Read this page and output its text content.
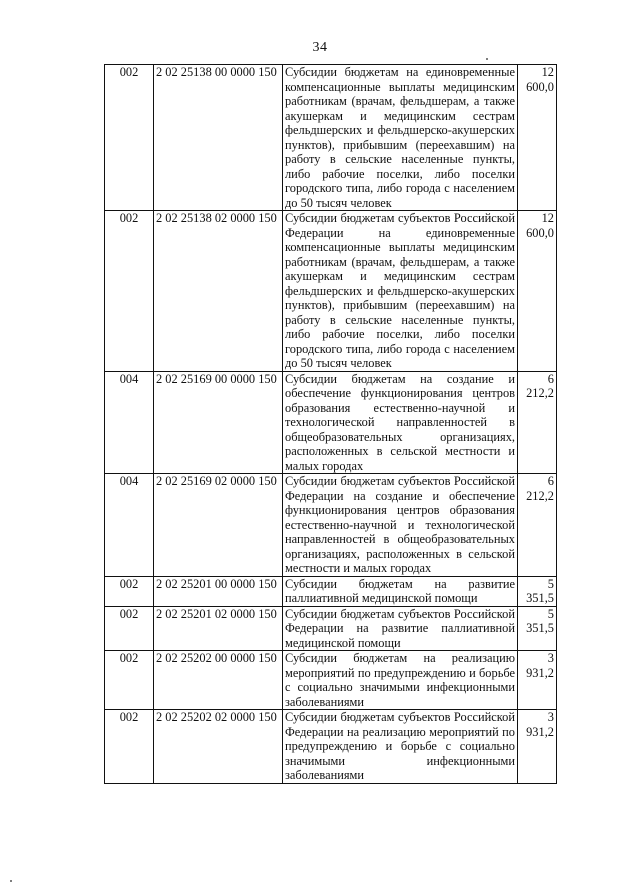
34
002	2 02 25138 00 0000 150	Субсидии бюджетам на единовременные компенсационные выплаты медицинским работникам (врачам, фельдшерам, а также акушеркам и медицинским сестрам фельдшерских и фельдшерско-акушерских пунктов), прибывшим (переехавшим) на работу в сельские населенные пункты, либо рабочие поселки, либо поселки городского типа, либо города с населением до 50 тысяч человек	12 600,0
002	2 02 25138 02 0000 150	Субсидии бюджетам субъектов Российской Федерации на единовременные компенсационные выплаты медицинским работникам (врачам, фельдшерам, а также акушеркам и медицинским сестрам фельдшерских и фельдшерско-акушерских пунктов), прибывшим (переехавшим) на работу в сельские населенные пункты, либо рабочие поселки, либо поселки городского типа, либо города с населением до 50 тысяч человек	12 600,0
004	2 02 25169 00 0000 150	Субсидии бюджетам на создание и обеспечение функционирования центров образования естественно-научной и технологической направленностей в общеобразовательных организациях, расположенных в сельской местности и малых городах	6 212,2
004	2 02 25169 02 0000 150	Субсидии бюджетам субъектов Российской Федерации на создание и обеспечение функционирования центров образования естественно-научной и технологической направленностей в общеобразовательных организациях, расположенных в сельской местности и малых городах	6 212,2
002	2 02 25201 00 0000 150	Субсидии бюджетам на развитие паллиативной медицинской помощи	5 351,5
002	2 02 25201 02 0000 150	Субсидии бюджетам субъектов Российской Федерации на развитие паллиативной медицинской помощи	5 351,5
002	2 02 25202 00 0000 150	Субсидии бюджетам на реализацию мероприятий по предупреждению и борьбе с социально значимыми инфекционными заболеваниями	3 931,2
002	2 02 25202 02 0000 150	Субсидии бюджетам субъектов Российской Федерации на реализацию мероприятий по предупреждению и борьбе с социально значимыми инфекционными заболеваниями	3 931,2
